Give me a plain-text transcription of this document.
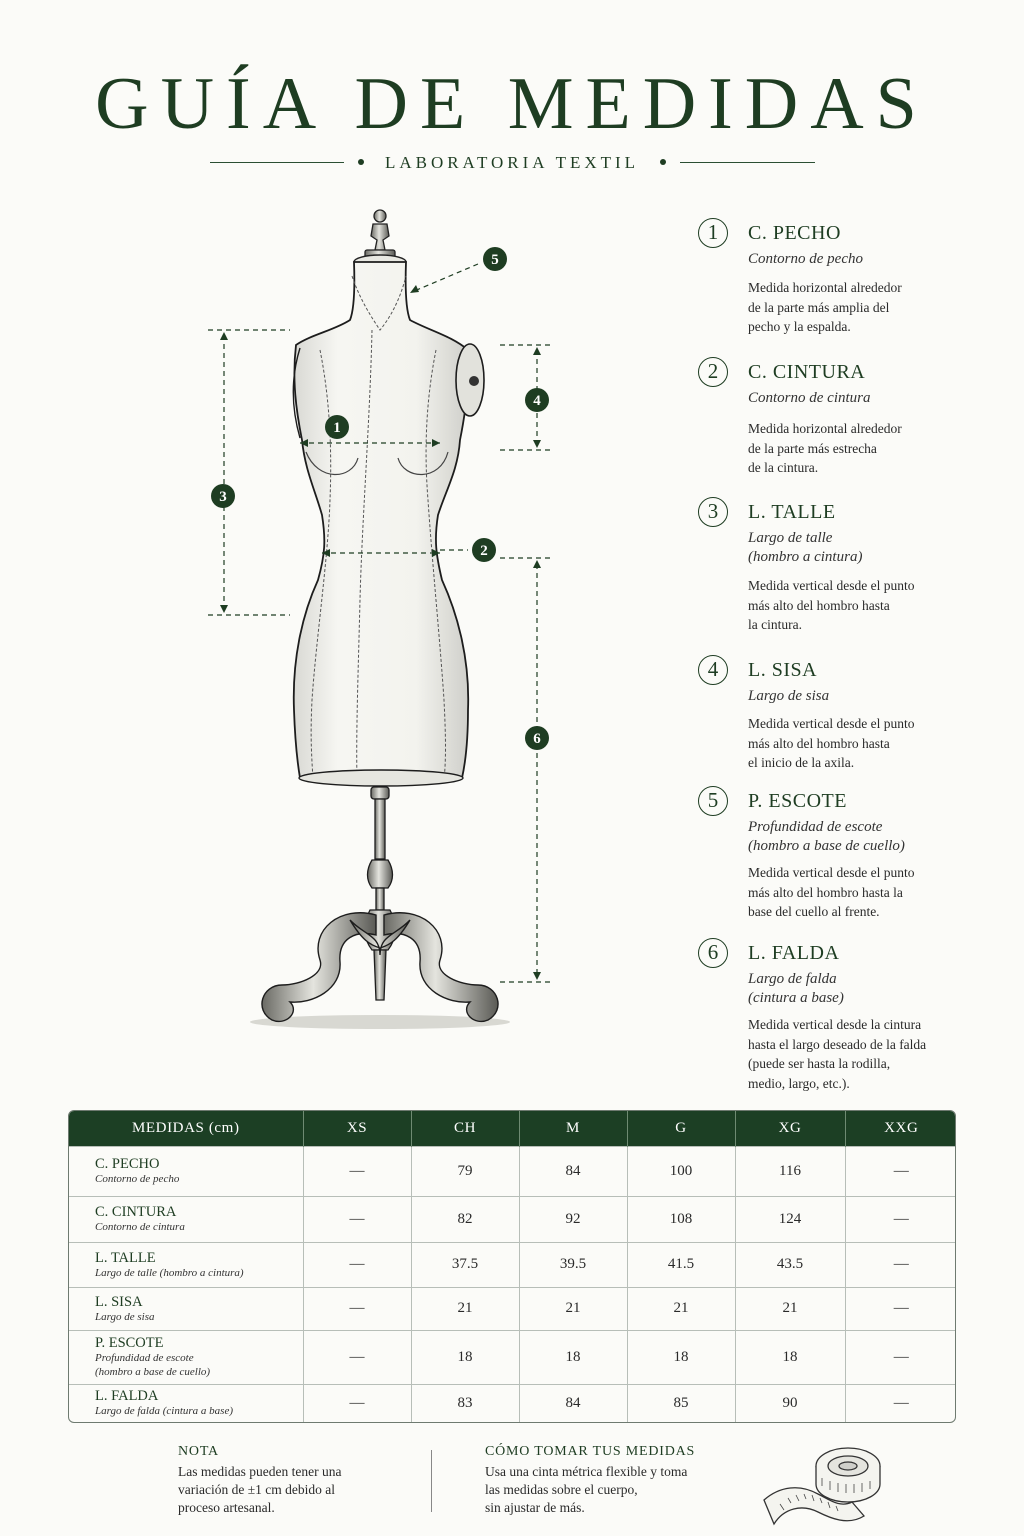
GUÍA DE MEDIDAS
LABORATORIA TEXTIL
1
2
3
4
5
6
1	C. PECHO
Contorno de pecho
Medida horizontal alrededor
de la parte más amplia del
pecho y la espalda.
2	C. CINTURA
Contorno de cintura
Medida horizontal alrededor
de la parte más estrecha
de la cintura.
3	L. TALLE
Largo de talle
(hombro a cintura)
Medida vertical desde el punto
más alto del hombro hasta
la cintura.
4	L. SISA
Largo de sisa
Medida vertical desde el punto
más alto del hombro hasta
el inicio de la axila.
5	P. ESCOTE
Profundidad de escote
(hombro a base de cuello)
Medida vertical desde el punto
más alto del hombro hasta la
base del cuello al frente.
6	L. FALDA
Largo de falda
(cintura a base)
Medida vertical desde la cintura
hasta el largo deseado de la falda
(puede ser hasta la rodilla,
medio, largo, etc.).
MEDIDAS (cm)	XS	CH	M	G	XG	XXG

C. PECHO
Contorno de pecho	—	79	84	100	116	—

C. CINTURA
Contorno de cintura	—	82	92	108	124	—

L. TALLE
Largo de talle (hombro a cintura)	—	37.5	39.5	41.5	43.5	—

L. SISA
Largo de sisa	—	21	21	21	21	—

P. ESCOTE
Profundidad de escote
(hombro a base de cuello)	—	18	18	18	18	—

L. FALDA
Largo de falda (cintura a base)	—	83	84	85	90	—
NOTA
Las medidas pueden tener una
variación de ±1 cm debido al
proceso artesanal.
CÓMO TOMAR TUS MEDIDAS
Usa una cinta métrica flexible y toma
las medidas sobre el cuerpo,
sin ajustar de más.
